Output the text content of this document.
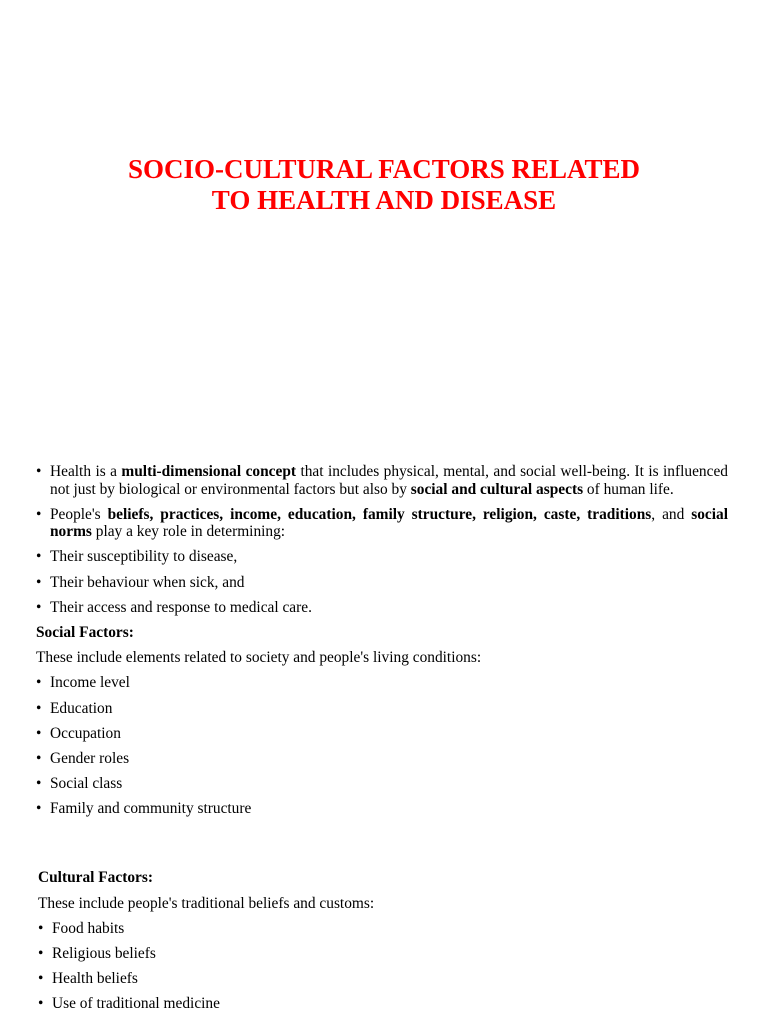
SOCIO-CULTURAL FACTORS RELATED
TO HEALTH AND DISEASE
• Health is a multi-dimensional concept that includes physical, mental, and social well-being. It is influenced not just by biological or environmental factors but also by social and cultural aspects of human life.
• People's beliefs, practices, income, education, family structure, religion, caste, traditions, and social norms play a key role in determining:
• Their susceptibility to disease,
• Their behaviour when sick, and
• Their access and response to medical care.
Social Factors:
These include elements related to society and people's living conditions:
• Income level
• Education
• Occupation
• Gender roles
• Social class
• Family and community structure
Cultural Factors:
These include people's traditional beliefs and customs:
• Food habits
• Religious beliefs
• Health beliefs
• Use of traditional medicine
